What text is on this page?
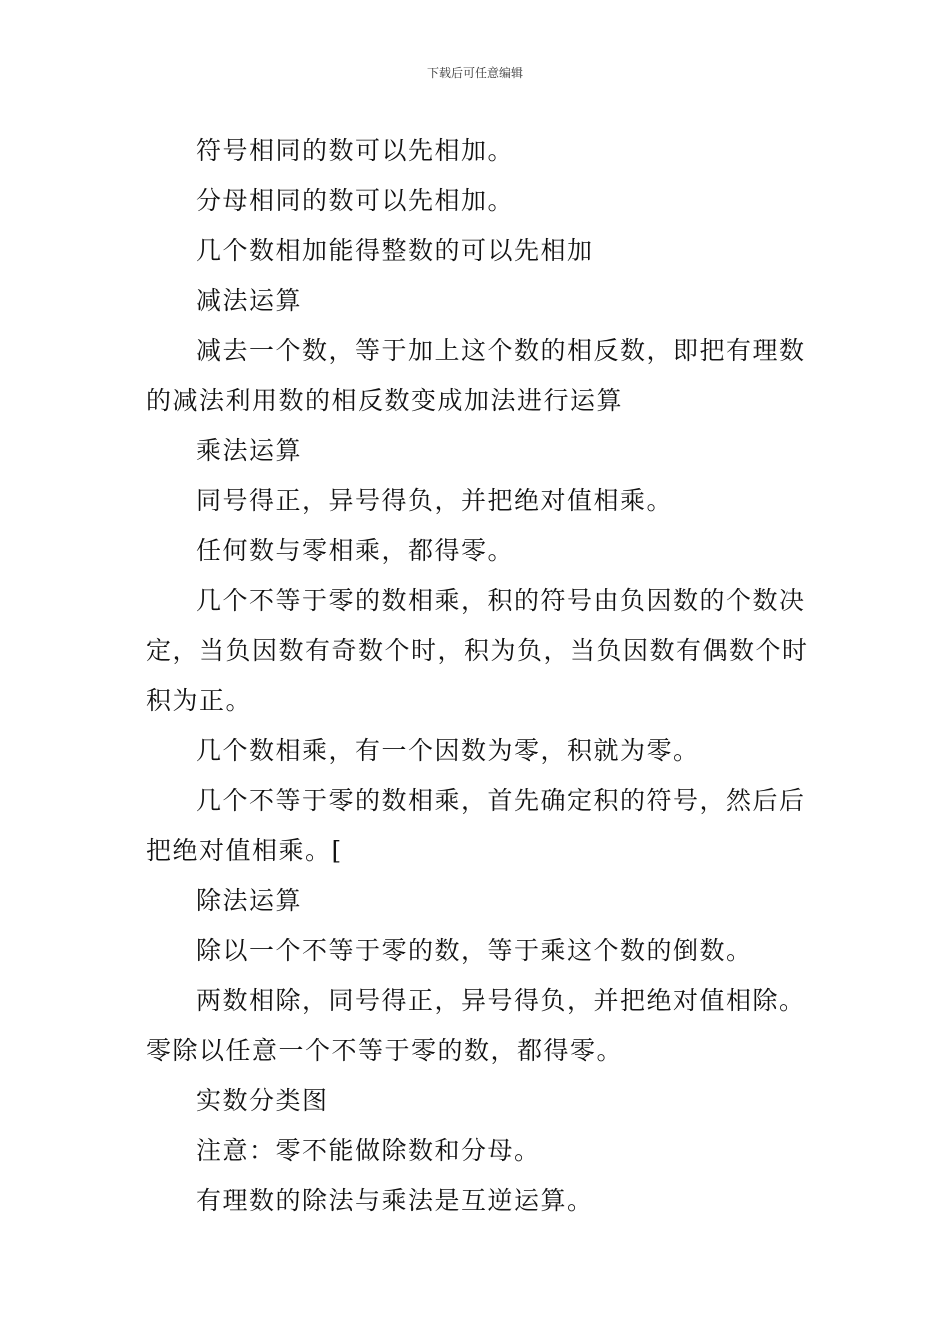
下载后可任意编辑

符号相同的数可以先相加。

分母相同的数可以先相加。

几个数相加能得整数的可以先相加

减法运算

减去一个数，等于加上这个数的相反数，即把有理数的减法利用数的相反数变成加法进行运算

乘法运算

同号得正，异号得负，并把绝对值相乘。

任何数与零相乘，都得零。

几个不等于零的数相乘，积的符号由负因数的个数决定，当负因数有奇数个时，积为负，当负因数有偶数个时积为正。

几个数相乘，有一个因数为零，积就为零。

几个不等于零的数相乘，首先确定积的符号，然后后把绝对值相乘。[

除法运算

除以一个不等于零的数，等于乘这个数的倒数。

两数相除，同号得正，异号得负，并把绝对值相除。零除以任意一个不等于零的数，都得零。

实数分类图

注意：零不能做除数和分母。

有理数的除法与乘法是互逆运算。
